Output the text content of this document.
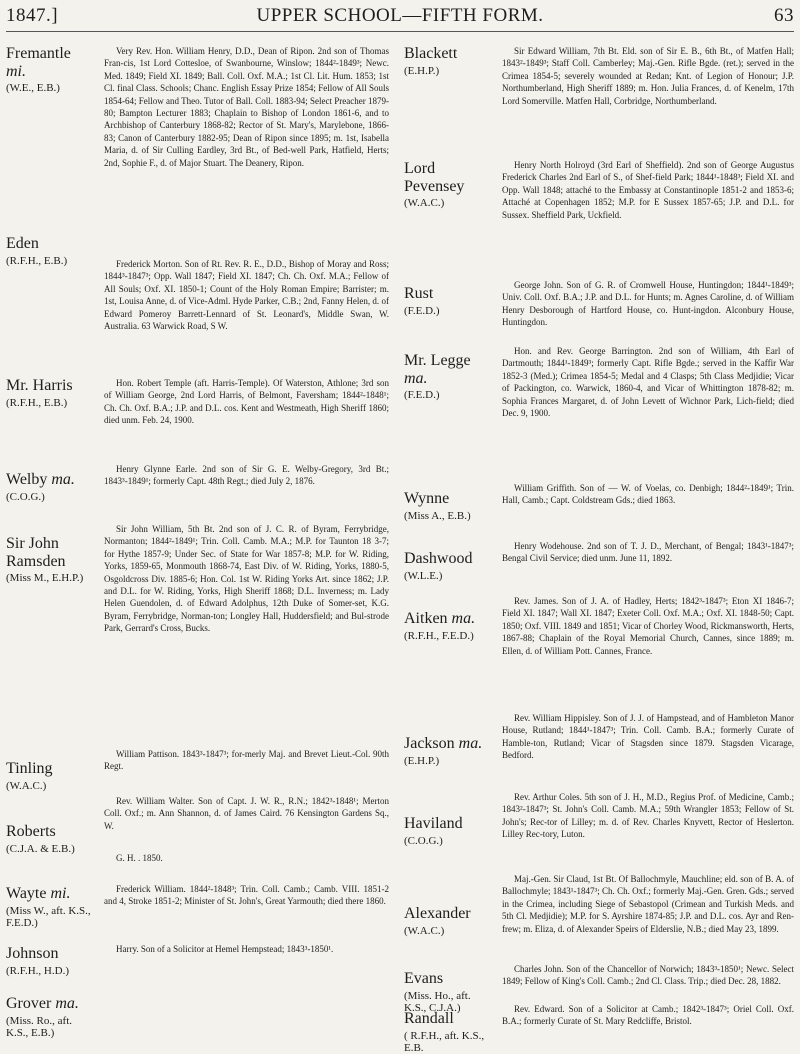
1847.]	UPPER SCHOOL—FIFTH FORM.	63
Fremantle mi.
(W.E., E.B.)
Eden
(R.F.H., E.B.)
Mr. Harris
(R.F.H., E.B.)
Welby ma.
(C.O.G.)
Sir John Ramsden
(Miss M., E.H.P.)
Tinling
(W.A.C.)
Roberts
(C.J.A. & E.B.)
Wayte mi.
(Miss W., aft. K.S., F.E.D.)
Johnson
(R.F.H., H.D.)
Grover ma.
(Miss. Ro., aft. K.S., E.B.)
Very Rev. Hon. William Henry, D.D., Dean of Ripon. 2nd son of Thomas Fran-cis, 1st Lord Cottesloe, of Swanbourne, Winslow; 1844²-1849³; Newc. Med. 1849; Field XI. 1849; Ball. Coll. Oxf. M.A.; 1st Cl. Lit. Hum. 1853; 1st Cl. final Class. Schools; Chanc. English Essay Prize 1854; Fellow of All Souls 1854-64; Fellow and Theo. Tutor of Ball. Coll. 1883-94; Select Preacher 1879-80; Bampton Lecturer 1883; Chaplain to Bishop of London 1861-6, and to Archbishop of Canterbury 1868-82; Rector of St. Mary's, Marylebone, 1866-83; Canon of Canterbury 1882-95; Dean of Ripon since 1895; m. 1st, Isabella Maria, d. of Sir Culling Eardley, 3rd Bt., of Bed-well Park, Hatfield, Herts; 2nd, Sophie F., d. of Major Stuart. The Deanery, Ripon.
Frederick Morton. Son of Rt. Rev. R. E., D.D., Bishop of Moray and Ross; 1844³-1847³; Opp. Wall 1847; Field XI. 1847; Ch. Ch. Oxf. M.A.; Fellow of All Souls; Oxf. XI. 1850-1; Count of the Holy Roman Empire; Barrister; m. 1st, Louisa Anne, d. of Vice-Adml. Hyde Parker, C.B.; 2nd, Fanny Helen, d. of Edward Pomeroy Barrett-Lennard of St. Leonard's, Middle Swan, W. Australia. 63 Warwick Road, S W.
Hon. Robert Temple (aft. Harris-Temple). Of Waterston, Athlone; 3rd son of William George, 2nd Lord Harris, of Belmont, Faversham; 1844²-1848¹; Ch. Ch. Oxf. B.A.; J.P. and D.L. cos. Kent and Westmeath, High Sheriff 1860; died unm. Feb. 24, 1900.
Henry Glynne Earle. 2nd son of Sir G. E. Welby-Gregory, 3rd Bt.; 1843³-1849¹; formerly Capt. 48th Regt.; died July 2, 1876.
Sir John William, 5th Bt. 2nd son of J. C. R. of Byram, Ferrybridge, Normanton; 1844²-1849¹; Trin. Coll. Camb. M.A.; M.P. for Taunton 18 3-7; for Hythe 1857-9; Under Sec. of State for War 1857-8; M.P. for W. Riding, Yorks, 1859-65, Monmouth 1868-74, East Div. of W. Riding, Yorks, 1880-5, Osgoldcross Div. 1885-6; Hon. Col. 1st W. Riding Yorks Art. since 1862; J.P. and D.L. for W. Riding, Yorks, High Sheriff 1868; D.L. Inverness; m. Lady Helen Guendolen, d. of Edward Adolphus, 12th Duke of Somer-set, K.G. Byram, Ferrybridge, Norman-ton; Longley Hall, Huddersfield; and Bul-strode Park, Gerrard's Cross, Bucks.
William Pattison. 1843³-1847³; for-merly Maj. and Brevet Lieut.-Col. 90th Regt.
Rev. William Walter. Son of Capt. J. W. R., R.N.; 1842³-1848¹; Merton Coll. Oxf.; m. Ann Shannon, d. of James Caird. 76 Kensington Gardens Sq., W.
G. H. . 1850.
Frederick William. 1844²-1848³; Trin. Coll. Camb.; Camb. VIII. 1851-2 and 4, Stroke 1851-2; Minister of St. John's, Great Yarmouth; died there 1860.
Harry. Son of a Solicitor at Hemel Hempstead; 1843³-1850¹.
Blackett
(E.H.P.)
Lord Pevensey
(W.A.C.)
Rust
(F.E.D.)
Mr. Legge ma.
(F.E.D.)
Wynne
(Miss A., E.B.)
Dashwood
(W.L.E.)
Aitken ma.
(R.F.H., F.E.D.)
Jackson ma.
(E.H.P.)
Haviland
(C.O.G.)
Alexander
(W.A.C.)
Evans
(Miss. Ho., aft. K.S., C.J.A.)
Randall
( R.F.H., aft. K.S., E.B.
Sir Edward William, 7th Bt. Eld. son of Sir E. B., 6th Bt., of Matfen Hall; 1843²-1849³; Staff Coll. Camberley; Maj.-Gen. Rifle Bgde. (ret.); served in the Crimea 1854-5; severely wounded at Redan; Knt. of Legion of Honour; J.P. Northumberland, High Sheriff 1889; m. Hon. Julia Frances, d. of Kenelm, 17th Lord Somerville. Matfen Hall, Corbridge, Northumberland.
Henry North Holroyd (3rd Earl of Sheffield). 2nd son of George Augustus Frederick Charles 2nd Earl of S., of Shef-field Park; 1844¹-1848³; Field XI. and Opp. Wall 1848; attaché to the Embassy at Constantinople 1851-2 and 1853-6; Attaché at Copenhagen 1852; M.P. for E Sussex 1857-65; J.P. and D.L. for Sussex. Sheffield Park, Uckfield.
George John. Son of G. R. of Cromwell House, Huntingdon; 1844¹-1849³; Univ. Coll. Oxf. B.A.; J.P. and D.L. for Hunts; m. Agnes Caroline, d. of William Henry Desborough of Hartford House, co. Hunt-ingdon. Alconbury House, Huntingdon.
Hon. and Rev. George Barrington. 2nd son of William, 4th Earl of Dartmouth; 1844¹-1849³; formerly Capt. Rifle Bgde.; served in the Kaffir War 1852-3 (Med.); Crimea 1854-5; Medal and 4 Clasps; 5th Class Medjidie; Vicar of Packington, co. Warwick, 1860-4, and Vicar of Whittington 1878-82; m. Sophia Frances Margaret, d. of John Levett of Wichnor Park, Lich-field; died Dec. 9, 1900.
William Griffith. Son of — W. of Voelas, co. Denbigh; 1844²-1849¹; Trin. Hall, Camb.; Capt. Coldstream Gds.; died 1863.
Henry Wodehouse. 2nd son of T. J. D., Merchant, of Bengal; 1843¹-1847³; Bengal Civil Service; died unm. June 11, 1892.
Rev. James. Son of J. A. of Hadley, Herts; 1842³-1847³; Eton XI 1846-7; Field XI. 1847; Wall XI. 1847; Exeter Coll. Oxf. M.A.; Oxf. XI. 1848-50; Capt. 1850; Oxf. VIII. 1849 and 1851; Vicar of Chorley Wood, Rickmansworth, Herts, 1867-88; Chaplain of the Royal Memorial Church, Cannes, since 1889; m. Ellen, d. of William Pott. Cannes, France.
Rev. William Hippisley. Son of J. J. of Hampstead, and of Hambleton Manor House, Rutland; 1844¹-1847³; Trin. Coll. Camb. B.A.; formerly Curate of Hamble-ton, Rutland; Vicar of Stagsden since 1879. Stagsden Vicarage, Bedford.
Rev. Arthur Coles. 5th son of J. H., M.D., Regius Prof. of Medicine, Camb.; 1843²-1847³; St. John's Coll. Camb. M.A.; 59th Wrangler 1853; Fellow of St. John's; Rec-tor of Lilley; m. d. of Rev. Charles Knyvett, Rector of Heslerton. Lilley Rec-tory, Luton.
Maj.-Gen. Sir Claud, 1st Bt. Of Ballochmyle, Mauchline; eld. son of B. A. of Ballochmyle; 1843¹-1847³; Ch. Ch. Oxf.; formerly Maj.-Gen. Gren. Gds.; served in the Crimea, including Siege of Sebastopol (Crimean and Turkish Meds. and 5th Cl. Medjidie); M.P. for S. Ayrshire 1874-85; J.P. and D.L. cos. Ayr and Ren-frew; m. Eliza, d. of Alexander Speirs of Elderslie, N.B.; died May 23, 1899.
Charles John. Son of the Chancellor of Norwich; 1843³-1850¹; Newc. Select 1849; Fellow of King's Coll. Camb.; 2nd Cl. Class. Trip.; died Dec. 28, 1882.
Rev. Edward. Son of a Solicitor at Camb.; 1842³-1847³; Oriel Coll. Oxf. B.A.; formerly Curate of St. Mary Redcliffe, Bristol.
